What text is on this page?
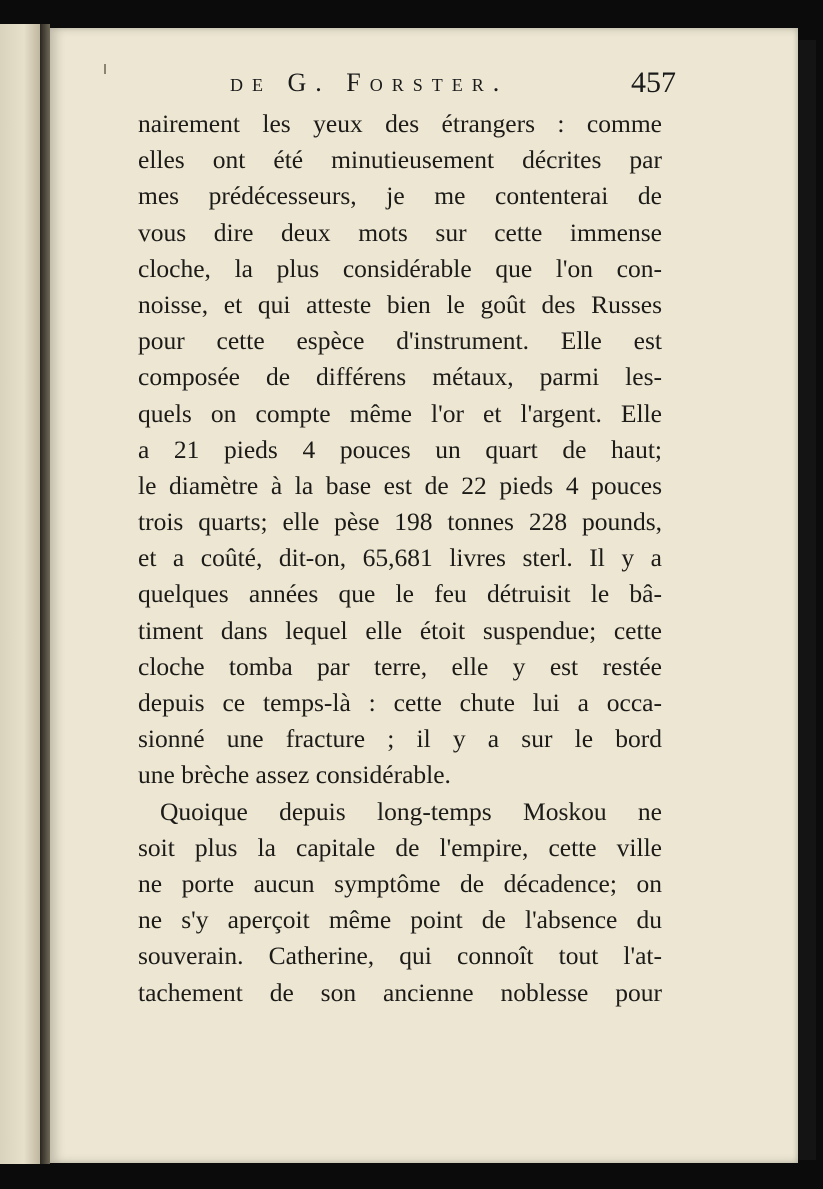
de G. Forster.	457
nairement les yeux des étrangers : comme
elles ont été minutieusement décrites par
mes prédécesseurs, je me contenterai de
vous dire deux mots sur cette immense
cloche, la plus considérable que l'on con-
noisse, et qui atteste bien le goût des Russes
pour cette espèce d'instrument. Elle est
composée de différens métaux, parmi les-
quels on compte même l'or et l'argent. Elle
a 21 pieds 4 pouces un quart de haut;
le diamètre à la base est de 22 pieds 4 pouces
trois quarts; elle pèse 198 tonnes 228 pounds,
et a coûté, dit-on, 65,681 livres sterl. Il y a
quelques années que le feu détruisit le bâ-
timent dans lequel elle étoit suspendue; cette
cloche tomba par terre, elle y est restée
depuis ce temps-là : cette chute lui a occa-
sionné une fracture ; il y a sur le bord
une brèche assez considérable.
Quoique depuis long-temps Moskou ne
soit plus la capitale de l'empire, cette ville
ne porte aucun symptôme de décadence; on
ne s'y aperçoit même point de l'absence du
souverain. Catherine, qui connoît tout l'at-
tachement de son ancienne noblesse pour
